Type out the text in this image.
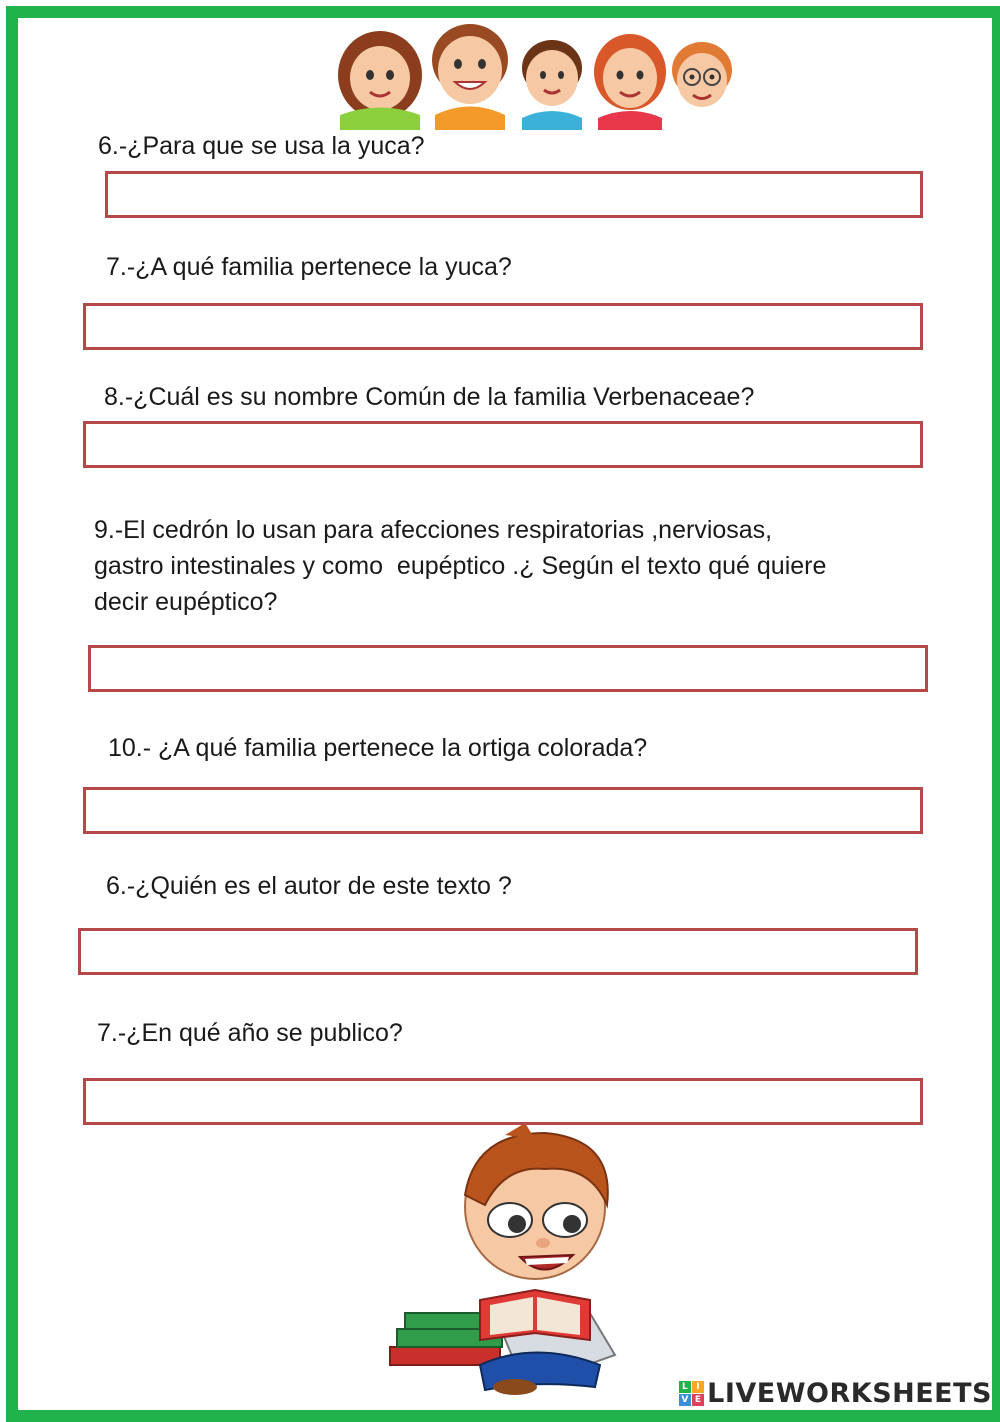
6.-¿Para que se usa la yuca?

7.-¿A qué familia pertenece la yuca?

8.-¿Cuál es su nombre Común de la familia Verbenaceae?

9.-El cedrón lo usan para afecciones respiratorias ,nerviosas,
gastro intestinales y como  eupéptico .¿ Según el texto qué quiere
decir eupéptico?

10.- ¿A qué familia pertenece la ortiga colorada?

6.-¿Quién es el autor de este texto ?

7.-¿En qué año se publico?

L I
V E LIVEWORKSHEETS
